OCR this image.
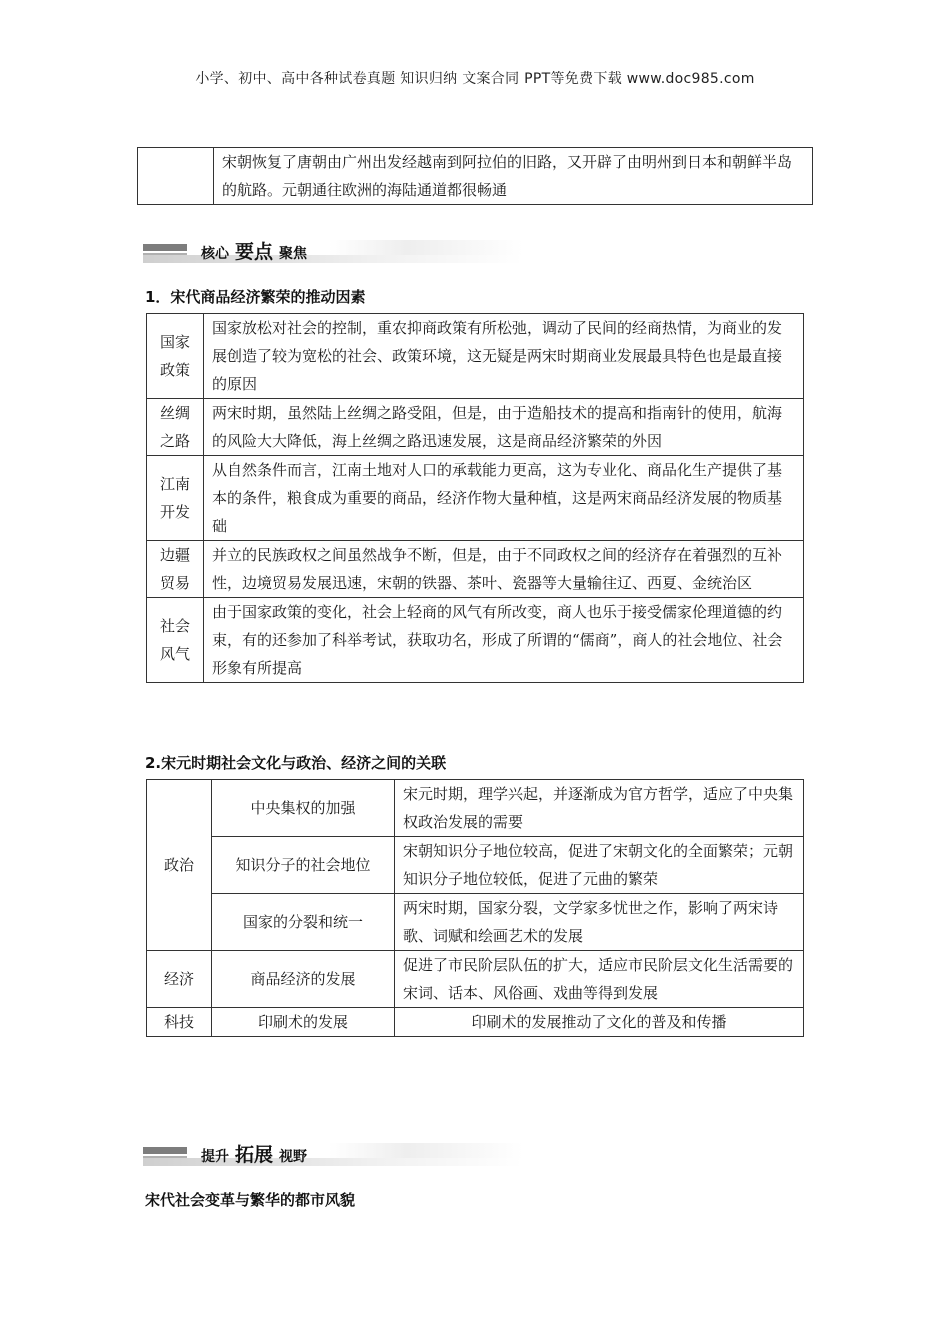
小学、初中、高中各种试卷真题 知识归纳 文案合同 PPT等免费下载 www.doc985.com
	宋朝恢复了唐朝由广州出发经越南到阿拉伯的旧路，又开辟了由明州到日本和朝鲜半岛的航路。元朝通往欧洲的海陆通道都很畅通
核心 要点 聚焦
1．宋代商品经济繁荣的推动因素
国家政策	国家放松对社会的控制，重农抑商政策有所松弛，调动了民间的经商热情，为商业的发展创造了较为宽松的社会、政策环境，这无疑是两宋时期商业发展最具特色也是最直接的原因
丝绸之路	两宋时期，虽然陆上丝绸之路受阻，但是，由于造船技术的提高和指南针的使用，航海的风险大大降低，海上丝绸之路迅速发展，这是商品经济繁荣的外因
江南开发	从自然条件而言，江南土地对人口的承载能力更高，这为专业化、商品化生产提供了基本的条件，粮食成为重要的商品，经济作物大量种植，这是两宋商品经济发展的物质基础
边疆贸易	并立的民族政权之间虽然战争不断，但是，由于不同政权之间的经济存在着强烈的互补性，边境贸易发展迅速，宋朝的铁器、茶叶、瓷器等大量输往辽、西夏、金统治区
社会风气	由于国家政策的变化，社会上轻商的风气有所改变，商人也乐于接受儒家伦理道德的约束，有的还参加了科举考试，获取功名，形成了所谓的“儒商”，商人的社会地位、社会形象有所提高
2.宋元时期社会文化与政治、经济之间的关联
政治	中央集权的加强	宋元时期，理学兴起，并逐渐成为官方哲学，适应了中央集权政治发展的需要
	知识分子的社会地位	宋朝知识分子地位较高，促进了宋朝文化的全面繁荣；元朝知识分子地位较低，促进了元曲的繁荣
	国家的分裂和统一	两宋时期，国家分裂，文学家多忧世之作，影响了两宋诗歌、词赋和绘画艺术的发展
经济	商品经济的发展	促进了市民阶层队伍的扩大，适应市民阶层文化生活需要的宋词、话本、风俗画、戏曲等得到发展
科技	印刷术的发展	印刷术的发展推动了文化的普及和传播
提升 拓展 视野
宋代社会变革与繁华的都市风貌
